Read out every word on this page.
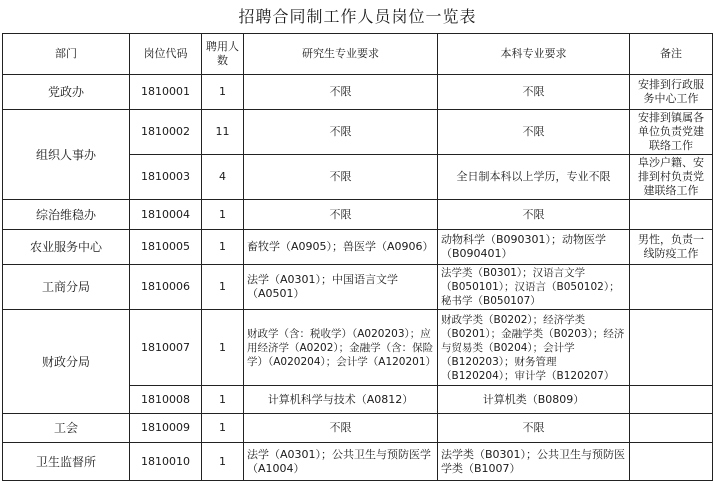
招聘合同制工作人员岗位一览表
部门	岗位代码	聘用人数	研究生专业要求	本科专业要求	备注
党政办	1810001	1	不限	不限	安排到行政服务中心工作
组织人事办	1810002	11	不限	不限	安排到镇属各单位负责党建联络工作
	1810003	4	不限	全日制本科以上学历，专业不限	阜沙户籍、安排到村负责党建联络工作
综治维稳办	1810004	1	不限	不限	
农业服务中心	1810005	1	畜牧学（A0905）；兽医学（A0906）	动物科学（B090301）；动物医学（B090401）	男性，负责一线防疫工作
工商分局	1810006	1	法学（A0301）；中国语言文学（A0501）	法学类（B0301）；汉语言文学（B050101）；汉语言（B050102）；秘书学（B050107）	
财政分局	1810007	1	财政学（含：税收学）（A020203）；应用经济学（A0202）；金融学（含：保险学）（A020204）；会计学（A120201）	财政学类（B0202）；经济学类（B0201）；金融学类（B0203）；经济与贸易类（B0204）；会计学（B120203）；财务管理（B120204）；审计学（B120207）	
	1810008	1	计算机科学与技术（A0812）	计算机类（B0809）	
工会	1810009	1	不限	不限	
卫生监督所	1810010	1	法学（A0301）；公共卫生与预防医学（A1004）	法学类（B0301）；公共卫生与预防医学类（B1007）	
